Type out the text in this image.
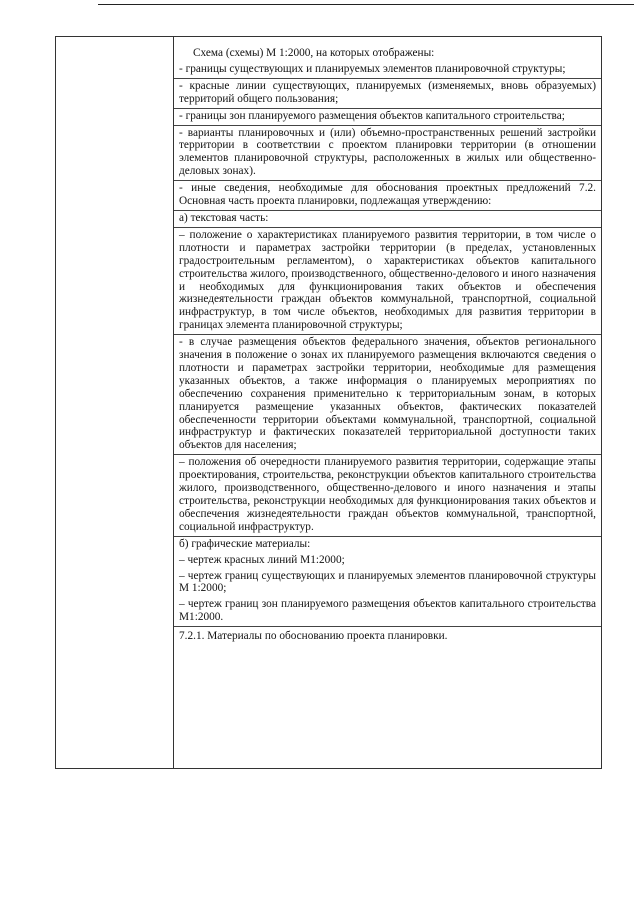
Схема (схемы) М 1:2000, на которых отображены:
- границы существующих и планируемых элементов планировочной структуры;
- красные линии существующих, планируемых (изменяемых, вновь образуемых) территорий общего пользования;
- границы зон планируемого размещения объектов капитального строительства;
- варианты планировочных и (или) объемно-пространственных решений застройки территории в соответствии с проектом планировки территории (в отношении элементов планировочной структуры, расположенных в жилых или общественно-деловых зонах).
- иные сведения, необходимые для обоснования проектных предложений 7.2. Основная часть проекта планировки, подлежащая утверждению:
а) текстовая часть:
– положение о характеристиках планируемого развития территории, в том числе о плотности и параметрах застройки территории (в пределах, установленных градостроительным регламентом), о характеристиках объектов капитального строительства жилого, производственного, общественно-делового и иного назначения и необходимых для функционирования таких объектов и обеспечения жизнедеятельности граждан объектов коммунальной, транспортной, социальной инфраструктур, в том числе объектов, необходимых для развития территории в границах элемента планировочной структуры;
- в случае размещения объектов федерального значения, объектов регионального значения в положение о зонах их планируемого размещения включаются сведения о плотности и параметрах застройки территории, необходимые для размещения указанных объектов, а также информация о планируемых мероприятиях по обеспечению сохранения применительно к территориальным зонам, в которых планируется размещение указанных объектов, фактических показателей обеспеченности территории объектами коммунальной, транспортной, социальной инфраструктур и фактических показателей территориальной доступности таких объектов для населения;
– положения об очередности планируемого развития территории, содержащие этапы проектирования, строительства, реконструкции объектов капитального строительства жилого, производственного, общественно-делового и иного назначения и этапы строительства, реконструкции необходимых для функционирования таких объектов и обеспечения жизнедеятельности граждан объектов коммунальной, транспортной, социальной инфраструктур.
б) графические материалы:
– чертеж красных линий М1:2000;
– чертеж границ существующих и планируемых элементов планировочной структуры М 1:2000;
– чертеж границ зон планируемого размещения объектов капитального строительства М1:2000.
7.2.1. Материалы по обоснованию проекта планировки.
